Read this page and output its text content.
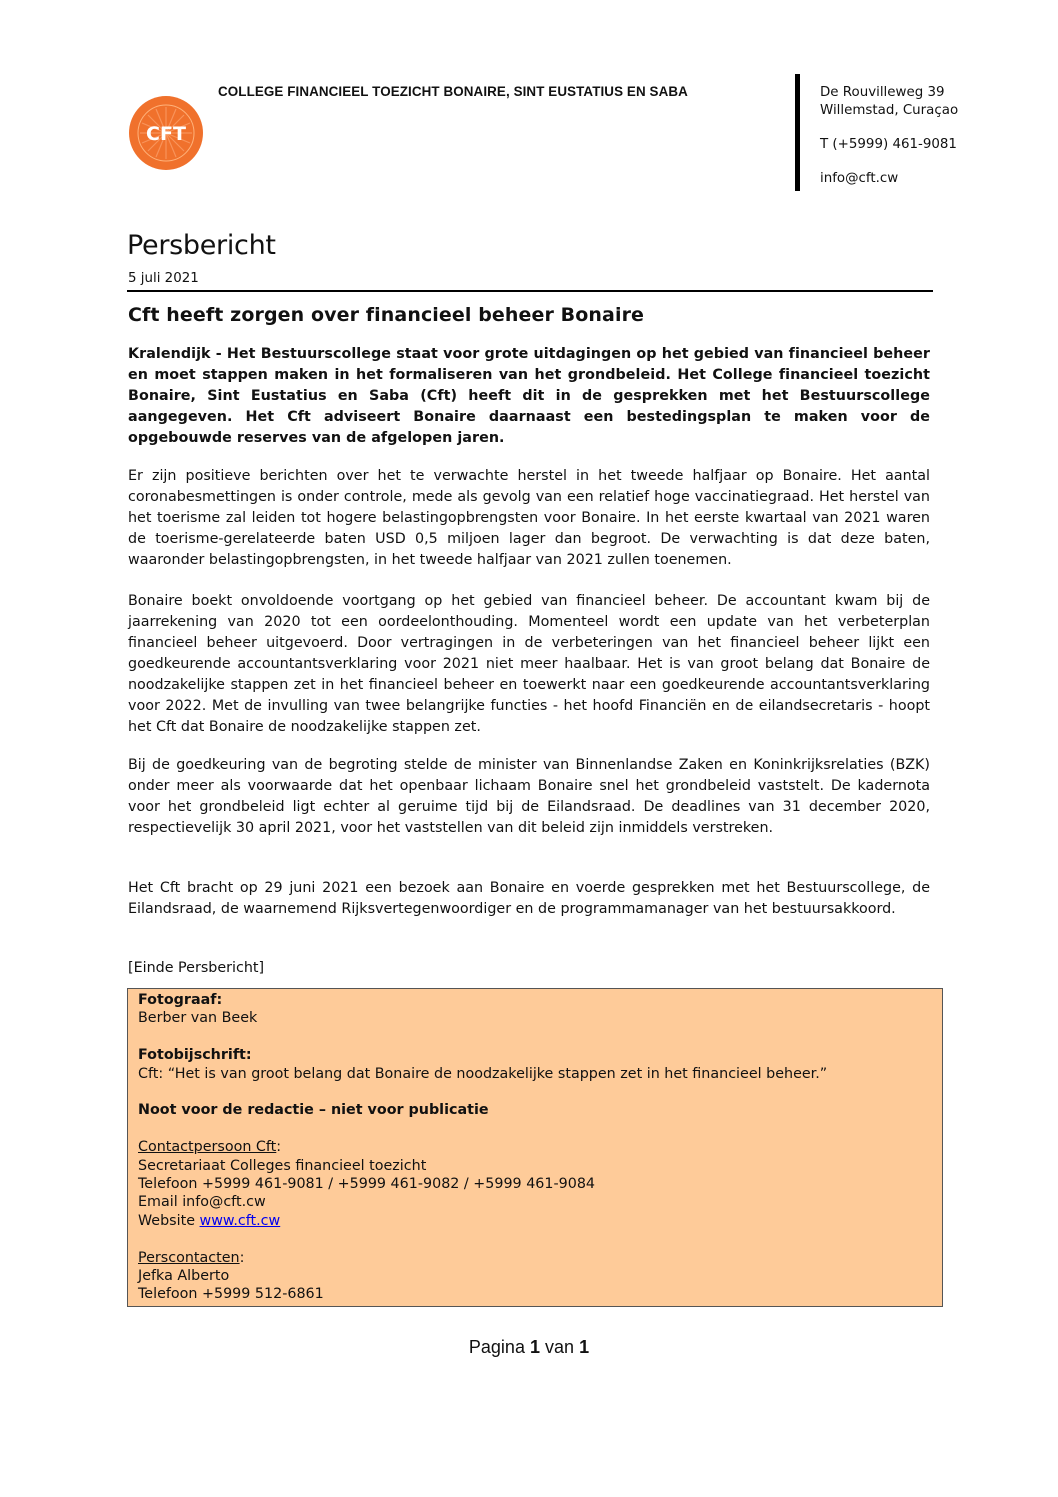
CFT
COLLEGE FINANCIEEL TOEZICHT BONAIRE, SINT EUSTATIUS EN SABA	De Rouvilleweg 39
Willemstad, Curaçao
T (+5999) 461-9081
info@cft.cw
Persbericht
5 juli 2021
Cft heeft zorgen over financieel beheer Bonaire

Kralendijk - Het Bestuurscollege staat voor grote uitdagingen op het gebied van financieel beheer en moet stappen maken in het formaliseren van het grondbeleid. Het College financieel toezicht Bonaire, Sint Eustatius en Saba (Cft) heeft dit in de gesprekken met het Bestuurscollege aangegeven. Het Cft adviseert Bonaire daarnaast een bestedingsplan te maken voor de opgebouwde reserves van de afgelopen jaren.

Er zijn positieve berichten over het te verwachte herstel in het tweede halfjaar op Bonaire. Het aantal coronabesmettingen is onder controle, mede als gevolg van een relatief hoge vaccinatiegraad. Het herstel van het toerisme zal leiden tot hogere belastingopbrengsten voor Bonaire. In het eerste kwartaal van 2021 waren de toerisme-gerelateerde baten USD 0,5 miljoen lager dan begroot. De verwachting is dat deze baten, waaronder belastingopbrengsten, in het tweede halfjaar van 2021 zullen toenemen.

Bonaire boekt onvoldoende voortgang op het gebied van financieel beheer. De accountant kwam bij de jaarrekening van 2020 tot een oordeelonthouding. Momenteel wordt een update van het verbeterplan financieel beheer uitgevoerd. Door vertragingen in de verbeteringen van het financieel beheer lijkt een goedkeurende accountantsverklaring voor 2021 niet meer haalbaar. Het is van groot belang dat Bonaire de noodzakelijke stappen zet in het financieel beheer en toewerkt naar een goedkeurende accountantsverklaring voor 2022. Met de invulling van twee belangrijke functies - het hoofd Financiën en de eilandsecretaris - hoopt het Cft dat Bonaire de noodzakelijke stappen zet.

Bij de goedkeuring van de begroting stelde de minister van Binnenlandse Zaken en Koninkrijksrelaties (BZK) onder meer als voorwaarde dat het openbaar lichaam Bonaire snel het grondbeleid vaststelt. De kadernota voor het grondbeleid ligt echter al geruime tijd bij de Eilandsraad. De deadlines van 31 december 2020, respectievelijk 30 april 2021, voor het vaststellen van dit beleid zijn inmiddels verstreken.

Het Cft bracht op 29 juni 2021 een bezoek aan Bonaire en voerde gesprekken met het Bestuurscollege, de Eilandsraad, de waarnemend Rijksvertegenwoordiger en de programmamanager van het bestuursakkoord.

[Einde Persbericht]
Fotograaf:
Berber van Beek
Fotobijschrift:
Cft: “Het is van groot belang dat Bonaire de noodzakelijke stappen zet in het financieel beheer.”
Noot voor de redactie – niet voor publicatie
Contactpersoon Cft:
Secretariaat Colleges financieel toezicht
Telefoon +5999 461-9081 / +5999 461-9082 / +5999 461-9084
Email info@cft.cw
Website www.cft.cw
Perscontacten:
Jefka Alberto
Telefoon +5999 512-6861
Pagina 1 van 1
